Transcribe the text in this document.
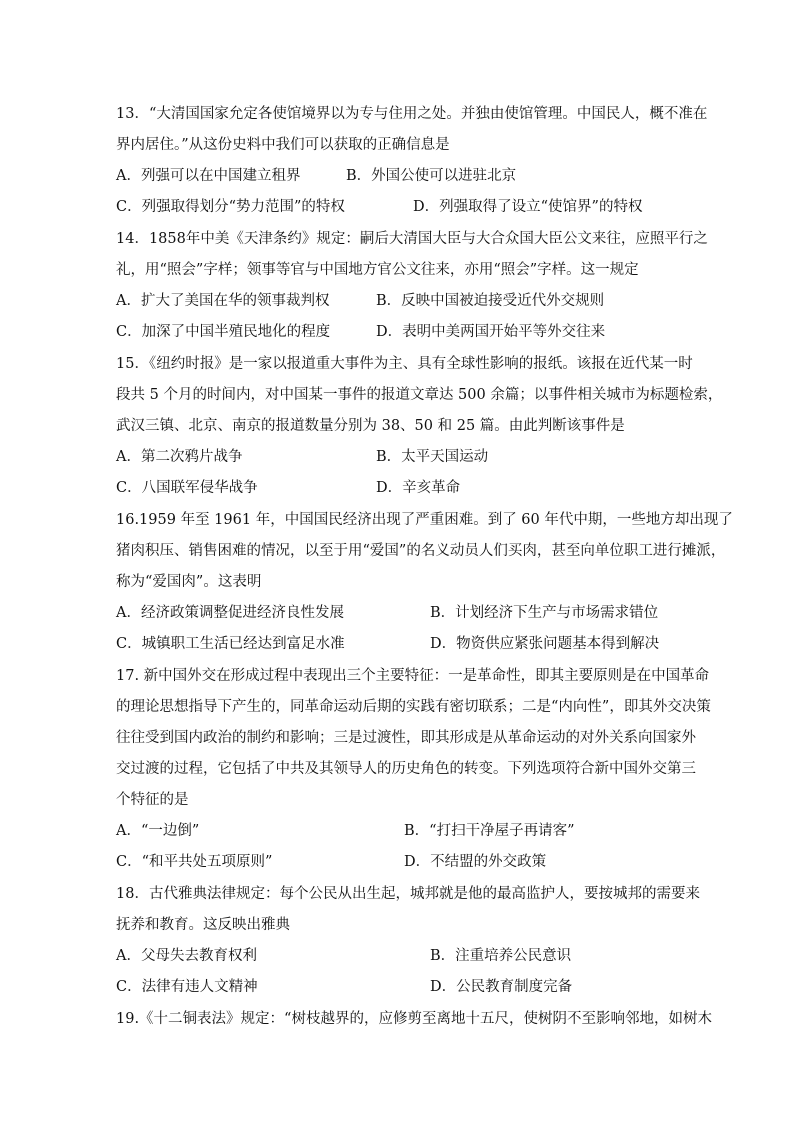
13．“大清国国家允定各使馆境界以为专与住用之处。并独由使馆管理。中国民人，概不准在
界内居住。”从这份史料中我们可以获取的正确信息是
A．列强可以在中国建立租界	B．外国公使可以进驻北京
C．列强取得划分“势力范围”的特权	D．列强取得了设立“使馆界”的特权
14．1858年中美《天津条约》规定：嗣后大清国大臣与大合众国大臣公文来往，应照平行之
礼，用“照会”字样；领事等官与中国地方官公文往来，亦用“照会”字样。这一规定
A．扩大了美国在华的领事裁判权	B．反映中国被迫接受近代外交规则
C．加深了中国半殖民地化的程度	D．表明中美两国开始平等外交往来
15．《纽约时报》是一家以报道重大事件为主、具有全球性影响的报纸。该报在近代某一时
段共 5 个月的时间内，对中国某一事件的报道文章达 500 余篇；以事件相关城市为标题检索，
武汉三镇、北京、南京的报道数量分别为 38、50 和 25 篇。由此判断该事件是
A．第二次鸦片战争	B．太平天国运动
C．八国联军侵华战争	D．辛亥革命
16.1959 年至 1961 年，中国国民经济出现了严重困难。到了 60 年代中期，一些地方却出现了
猪肉积压、销售困难的情况，以至于用“爱国”的名义动员人们买肉，甚至向单位职工进行摊派，
称为“爱国肉”。这表明
A．经济政策调整促进经济良性发展	B．计划经济下生产与市场需求错位
C．城镇职工生活已经达到富足水准	D．物资供应紧张问题基本得到解决
17. 新中国外交在形成过程中表现出三个主要特征：一是革命性，即其主要原则是在中国革命
的理论思想指导下产生的，同革命运动后期的实践有密切联系；二是“内向性”，即其外交决策
往往受到国内政治的制约和影响；三是过渡性，即其形成是从革命运动的对外关系向国家外
交过渡的过程，它包括了中共及其领导人的历史角色的转变。下列选项符合新中国外交第三
个特征的是
A．“一边倒”	B．“打扫干净屋子再请客”
C．“和平共处五项原则”	D．不结盟的外交政策
18．古代雅典法律规定：每个公民从出生起，城邦就是他的最高监护人，要按城邦的需要来
抚养和教育。这反映出雅典
A．父母失去教育权利	B．注重培养公民意识
C．法律有违人文精神	D．公民教育制度完备
19.《十二铜表法》规定：“树枝越界的，应修剪至离地十五尺，使树阴不至影响邻地，如树木
